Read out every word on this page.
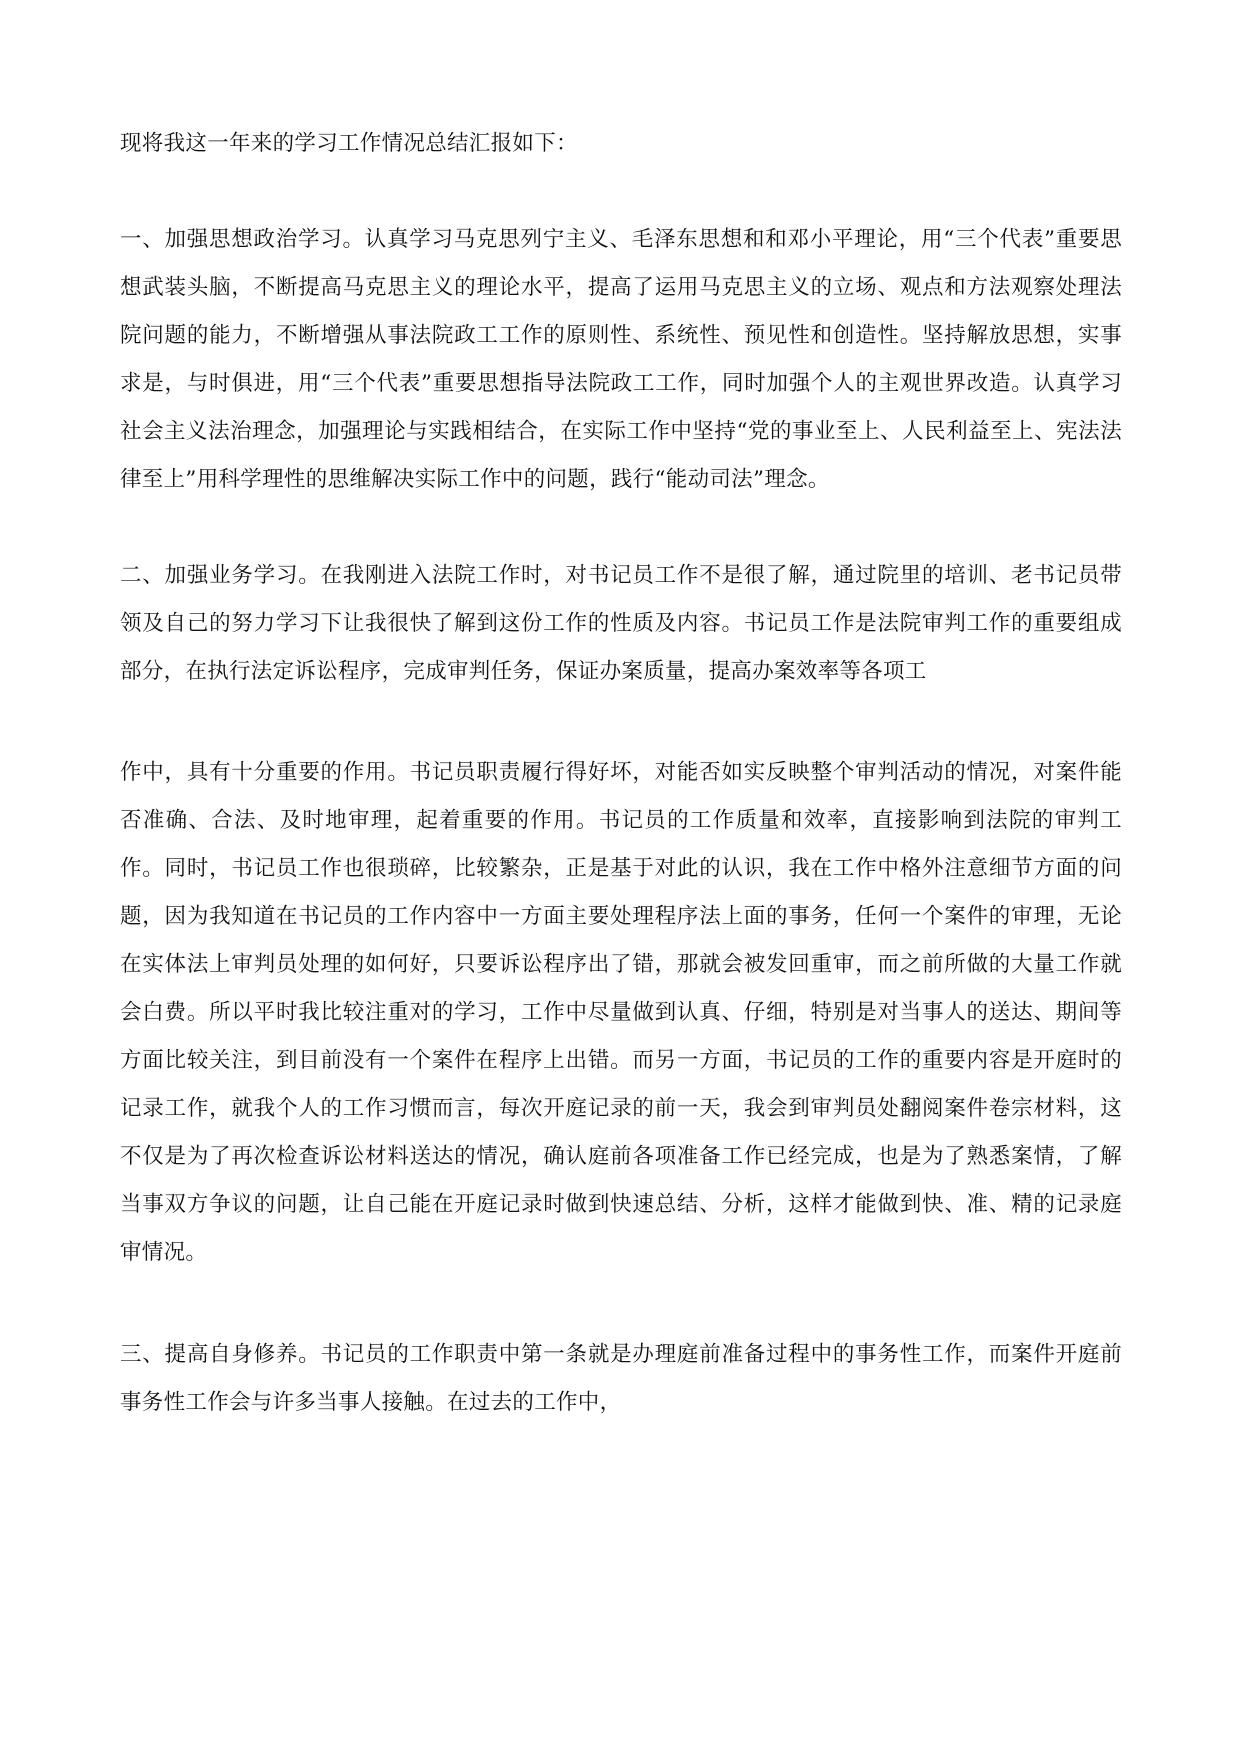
现将我这一年来的学习工作情况总结汇报如下：

一、加强思想政治学习。认真学习马克思列宁主义、毛泽东思想和和邓小平理论，用“三个代表”重要思想武装头脑，不断提高马克思主义的理论水平，提高了运用马克思主义的立场、观点和方法观察处理法院问题的能力，不断增强从事法院政工工作的原则性、系统性、预见性和创造性。坚持解放思想，实事求是，与时俱进，用“三个代表”重要思想指导法院政工工作，同时加强个人的主观世界改造。认真学习社会主义法治理念，加强理论与实践相结合，在实际工作中坚持“党的事业至上、人民利益至上、宪法法律至上”用科学理性的思维解决实际工作中的问题，践行“能动司法”理念。

二、加强业务学习。在我刚进入法院工作时，对书记员工作不是很了解，通过院里的培训、老书记员带领及自己的努力学习下让我很快了解到这份工作的性质及内容。书记员工作是法院审判工作的重要组成部分，在执行法定诉讼程序，完成审判任务，保证办案质量，提高办案效率等各项工

作中，具有十分重要的作用。书记员职责履行得好坏，对能否如实反映整个审判活动的情况，对案件能否准确、合法、及时地审理，起着重要的作用。书记员的工作质量和效率，直接影响到法院的审判工作。同时，书记员工作也很琐碎，比较繁杂，正是基于对此的认识，我在工作中格外注意细节方面的问题，因为我知道在书记员的工作内容中一方面主要处理程序法上面的事务，任何一个案件的审理，无论在实体法上审判员处理的如何好，只要诉讼程序出了错，那就会被发回重审，而之前所做的大量工作就会白费。所以平时我比较注重对的学习，工作中尽量做到认真、仔细，特别是对当事人的送达、期间等方面比较关注，到目前没有一个案件在程序上出错。而另一方面，书记员的工作的重要内容是开庭时的记录工作，就我个人的工作习惯而言，每次开庭记录的前一天，我会到审判员处翻阅案件卷宗材料，这不仅是为了再次检查诉讼材料送达的情况，确认庭前各项准备工作已经完成，也是为了熟悉案情，了解当事双方争议的问题，让自己能在开庭记录时做到快速总结、分析，这样才能做到快、准、精的记录庭审情况。

三、提高自身修养。书记员的工作职责中第一条就是办理庭前准备过程中的事务性工作，而案件开庭前事务性工作会与许多当事人接触。在过去的工作中，
